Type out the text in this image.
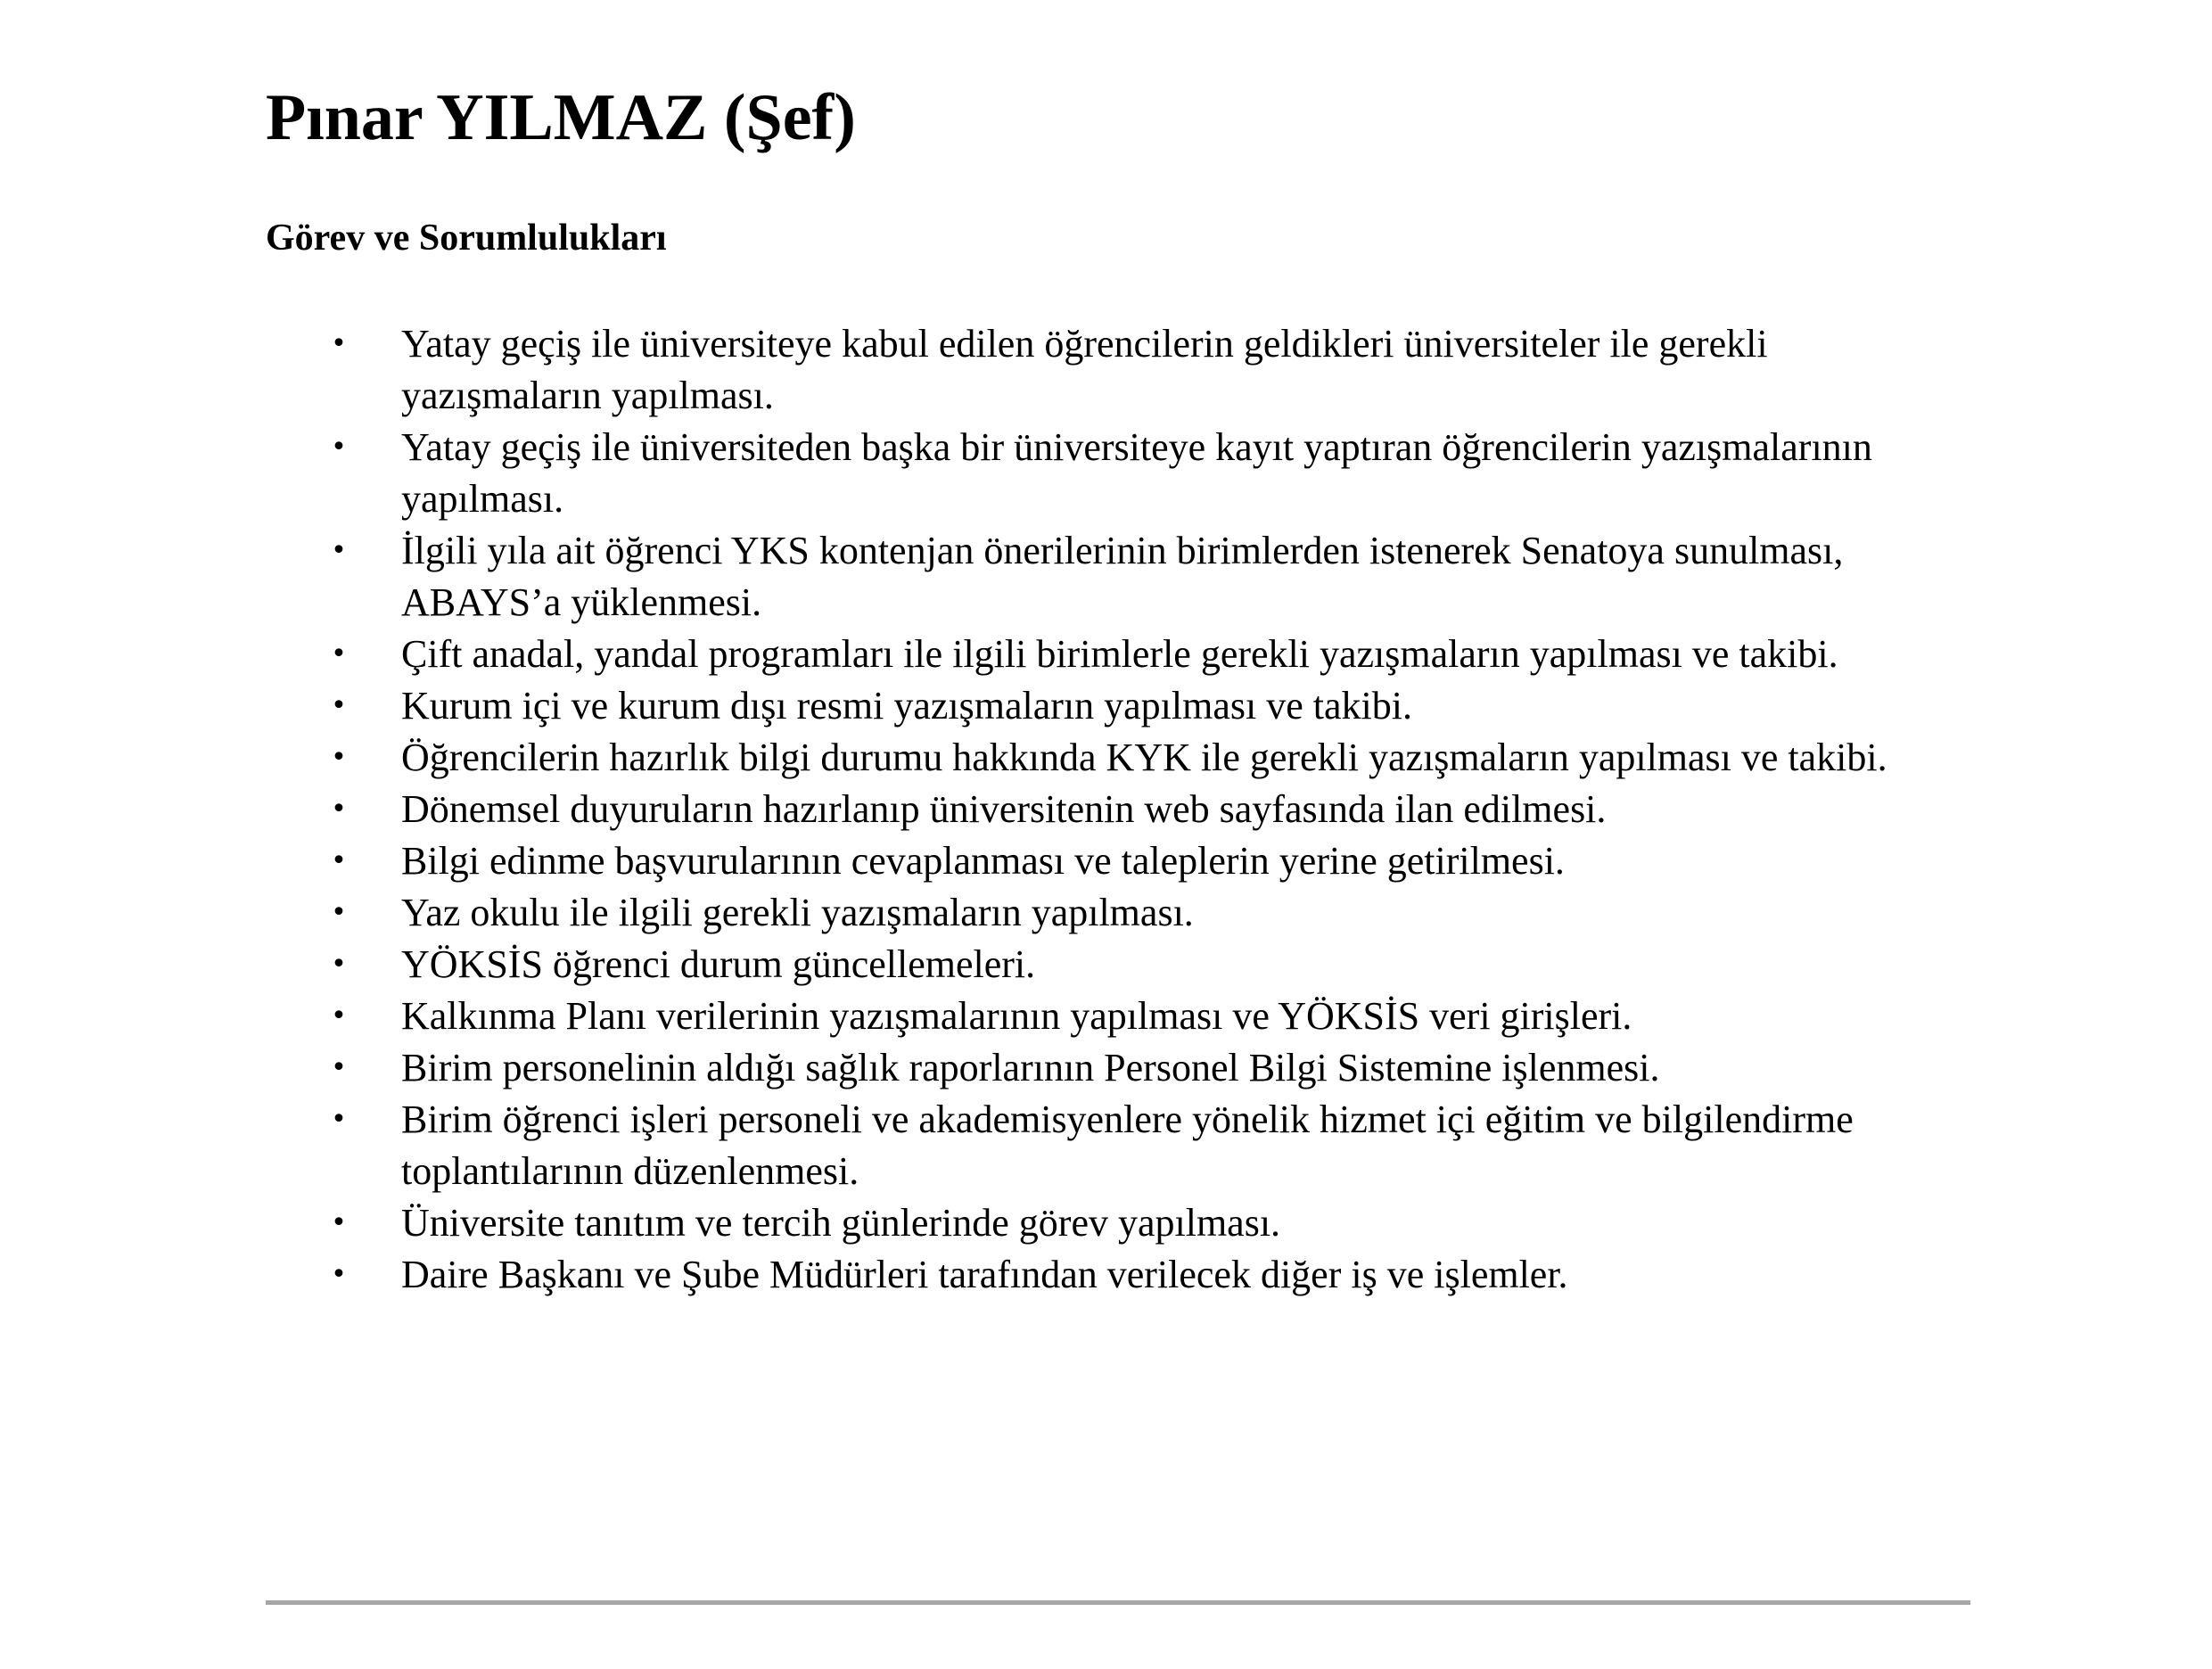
Pınar YILMAZ (Şef)
Görev ve Sorumlulukları
• Yatay geçiş ile üniversiteye kabul edilen öğrencilerin geldikleri üniversiteler ile gerekli yazışmaların yapılması.
• Yatay geçiş ile üniversiteden başka bir üniversiteye kayıt yaptıran öğrencilerin yazışmalarının yapılması.
• İlgili yıla ait öğrenci YKS kontenjan önerilerinin birimlerden istenerek Senatoya sunulması, ABAYS’a yüklenmesi.
• Çift anadal, yandal programları ile ilgili birimlerle gerekli yazışmaların yapılması ve takibi.
• Kurum içi ve kurum dışı resmi yazışmaların yapılması ve takibi.
• Öğrencilerin hazırlık bilgi durumu hakkında KYK ile gerekli yazışmaların yapılması ve takibi.
• Dönemsel duyuruların hazırlanıp üniversitenin web sayfasında ilan edilmesi.
• Bilgi edinme başvurularının cevaplanması ve taleplerin yerine getirilmesi.
• Yaz okulu ile ilgili gerekli yazışmaların yapılması.
• YÖKSİS öğrenci durum güncellemeleri.
• Kalkınma Planı verilerinin yazışmalarının yapılması ve YÖKSİS veri girişleri.
• Birim personelinin aldığı sağlık raporlarının Personel Bilgi Sistemine işlenmesi.
• Birim öğrenci işleri personeli ve akademisyenlere yönelik hizmet içi eğitim ve bilgilendirme toplantılarının düzenlenmesi.
• Üniversite tanıtım ve tercih günlerinde görev yapılması.
• Daire Başkanı ve Şube Müdürleri tarafından verilecek diğer iş ve işlemler.
